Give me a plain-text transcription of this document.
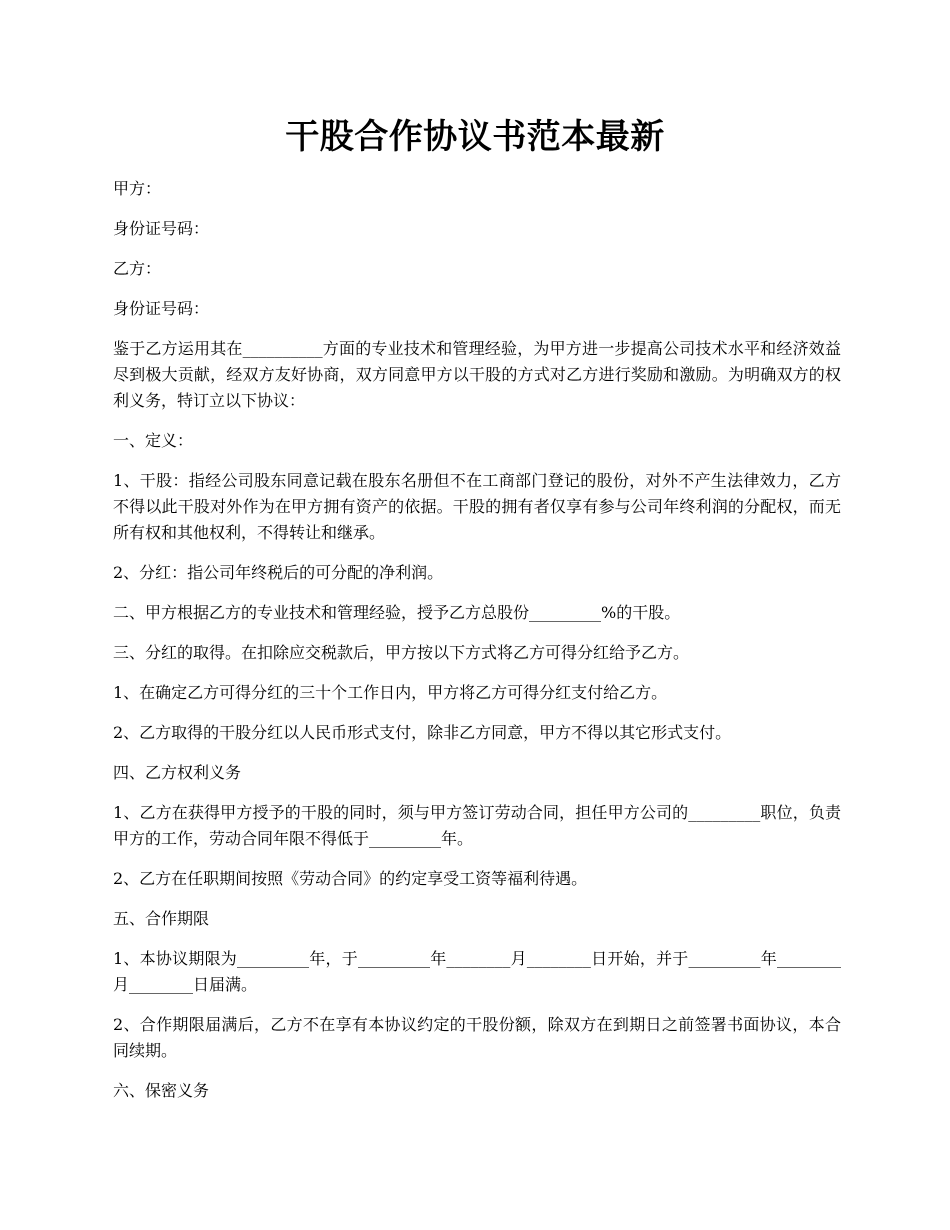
干股合作协议书范本最新

甲方：

身份证号码：

乙方：

身份证号码：

鉴于乙方运用其在__________方面的专业技术和管理经验，为甲方进一步提高公司技术水平和经济效益尽到极大贡献，经双方友好协商，双方同意甲方以干股的方式对乙方进行奖励和激励。为明确双方的权利义务，特订立以下协议：

一、定义：

1、干股：指经公司股东同意记载在股东名册但不在工商部门登记的股份，对外不产生法律效力，乙方不得以此干股对外作为在甲方拥有资产的依据。干股的拥有者仅享有参与公司年终利润的分配权，而无所有权和其他权利，不得转让和继承。

2、分红：指公司年终税后的可分配的净利润。

二、甲方根据乙方的专业技术和管理经验，授予乙方总股份_________%的干股。

三、分红的取得。在扣除应交税款后，甲方按以下方式将乙方可得分红给予乙方。

1、在确定乙方可得分红的三十个工作日内，甲方将乙方可得分红支付给乙方。

2、乙方取得的干股分红以人民币形式支付，除非乙方同意，甲方不得以其它形式支付。

四、乙方权利义务

1、乙方在获得甲方授予的干股的同时，须与甲方签订劳动合同，担任甲方公司的_________职位，负责甲方的工作，劳动合同年限不得低于_________年。

2、乙方在任职期间按照《劳动合同》的约定享受工资等福利待遇。

五、合作期限

1、本协议期限为_________年，于_________年________月________日开始，并于_________年________月________日届满。

2、合作期限届满后，乙方不在享有本协议约定的干股份额，除双方在到期日之前签署书面协议，本合同续期。

六、保密义务
